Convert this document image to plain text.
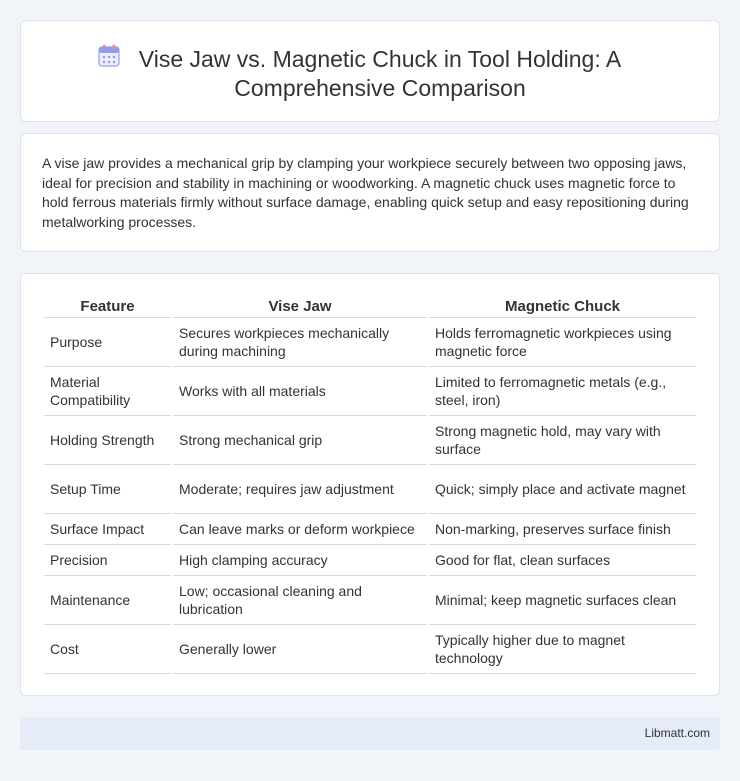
Vise Jaw vs. Magnetic Chuck in Tool Holding: A Comprehensive Comparison

A vise jaw provides a mechanical grip by clamping your workpiece securely between two opposing jaws, ideal for precision and stability in machining or woodworking. A magnetic chuck uses magnetic force to hold ferrous materials firmly without surface damage, enabling quick setup and easy repositioning during metalworking processes.

Feature	Vise Jaw	Magnetic Chuck
Purpose	Secures workpieces mechanically during machining	Holds ferromagnetic workpieces using magnetic force
Material Compatibility	Works with all materials	Limited to ferromagnetic metals (e.g., steel, iron)
Holding Strength	Strong mechanical grip	Strong magnetic hold, may vary with surface
Setup Time	Moderate; requires jaw adjustment	Quick; simply place and activate magnet
Surface Impact	Can leave marks or deform workpiece	Non-marking, preserves surface finish
Precision	High clamping accuracy	Good for flat, clean surfaces
Maintenance	Low; occasional cleaning and lubrication	Minimal; keep magnetic surfaces clean
Cost	Generally lower	Typically higher due to magnet technology
Libmatt.com
